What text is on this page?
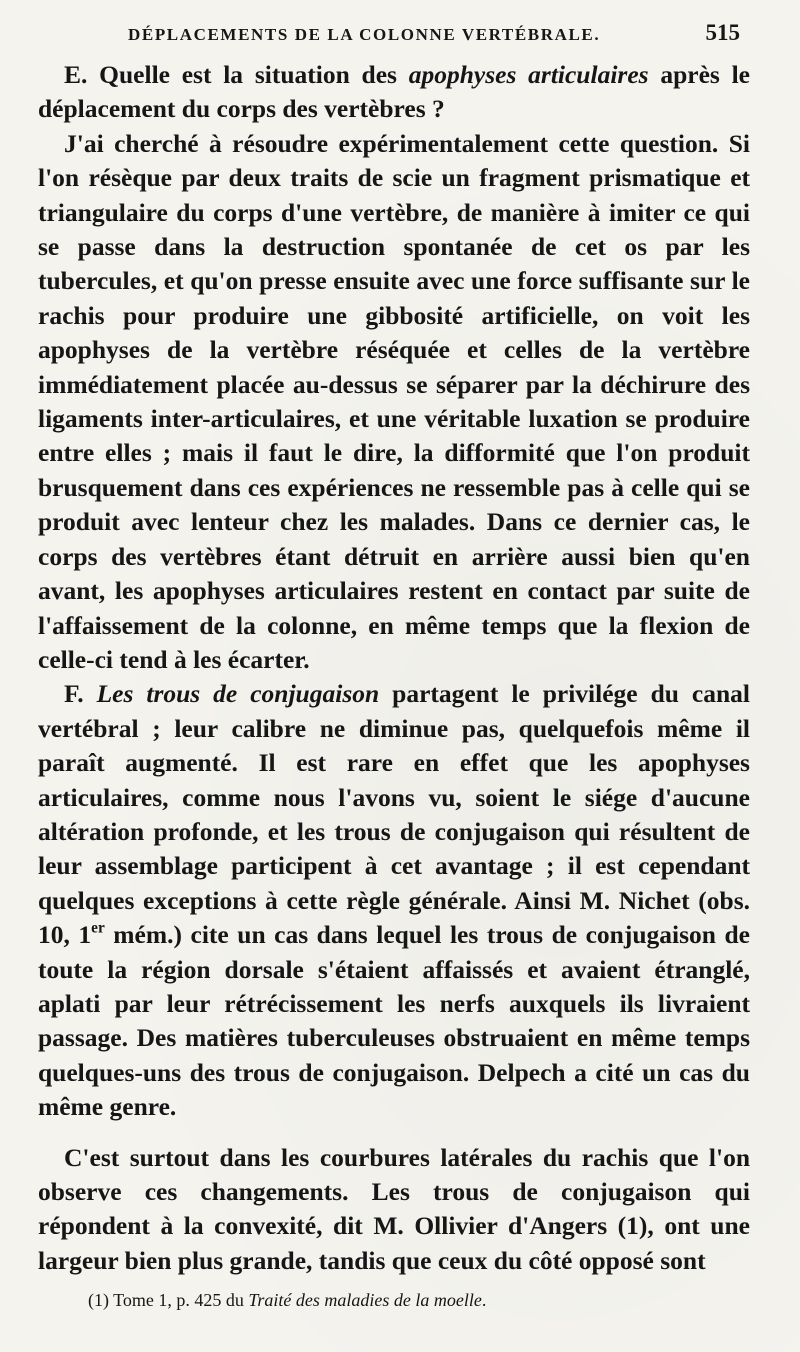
DÉPLACEMENTS DE LA COLONNE VERTÉBRALE.	515

E. Quelle est la situation des apophyses articulaires après le déplacement du corps des vertèbres ?

J'ai cherché à résoudre expérimentalement cette question. Si l'on résèque par deux traits de scie un fragment prismatique et triangulaire du corps d'une vertèbre, de manière à imiter ce qui se passe dans la destruction spontanée de cet os par les tubercules, et qu'on presse ensuite avec une force suffisante sur le rachis pour produire une gibbosité artificielle, on voit les apophyses de la vertèbre réséquée et celles de la vertèbre immédiatement placée au-dessus se séparer par la déchirure des ligaments inter-articulaires, et une véritable luxation se produire entre elles ; mais il faut le dire, la difformité que l'on produit brusquement dans ces expériences ne ressemble pas à celle qui se produit avec lenteur chez les malades. Dans ce dernier cas, le corps des vertèbres étant détruit en arrière aussi bien qu'en avant, les apophyses articulaires restent en contact par suite de l'affaissement de la colonne, en même temps que la flexion de celle-ci tend à les écarter.

F. Les trous de conjugaison partagent le privilége du canal vertébral ; leur calibre ne diminue pas, quelquefois même il paraît augmenté. Il est rare en effet que les apophyses articulaires, comme nous l'avons vu, soient le siége d'aucune altération profonde, et les trous de conjugaison qui résultent de leur assemblage participent à cet avantage ; il est cependant quelques exceptions à cette règle générale. Ainsi M. Nichet (obs. 10, 1er mém.) cite un cas dans lequel les trous de conjugaison de toute la région dorsale s'étaient affaissés et avaient étranglé, aplati par leur rétrécissement les nerfs auxquels ils livraient passage. Des matières tuberculeuses obstruaient en même temps quelques-uns des trous de conjugaison. Delpech a cité un cas du même genre.

C'est surtout dans les courbures latérales du rachis que l'on observe ces changements. Les trous de conjugaison qui répondent à la convexité, dit M. Ollivier d'Angers (1), ont une largeur bien plus grande, tandis que ceux du côté opposé sont

(1) Tome 1, p. 425 du Traité des maladies de la moelle.
